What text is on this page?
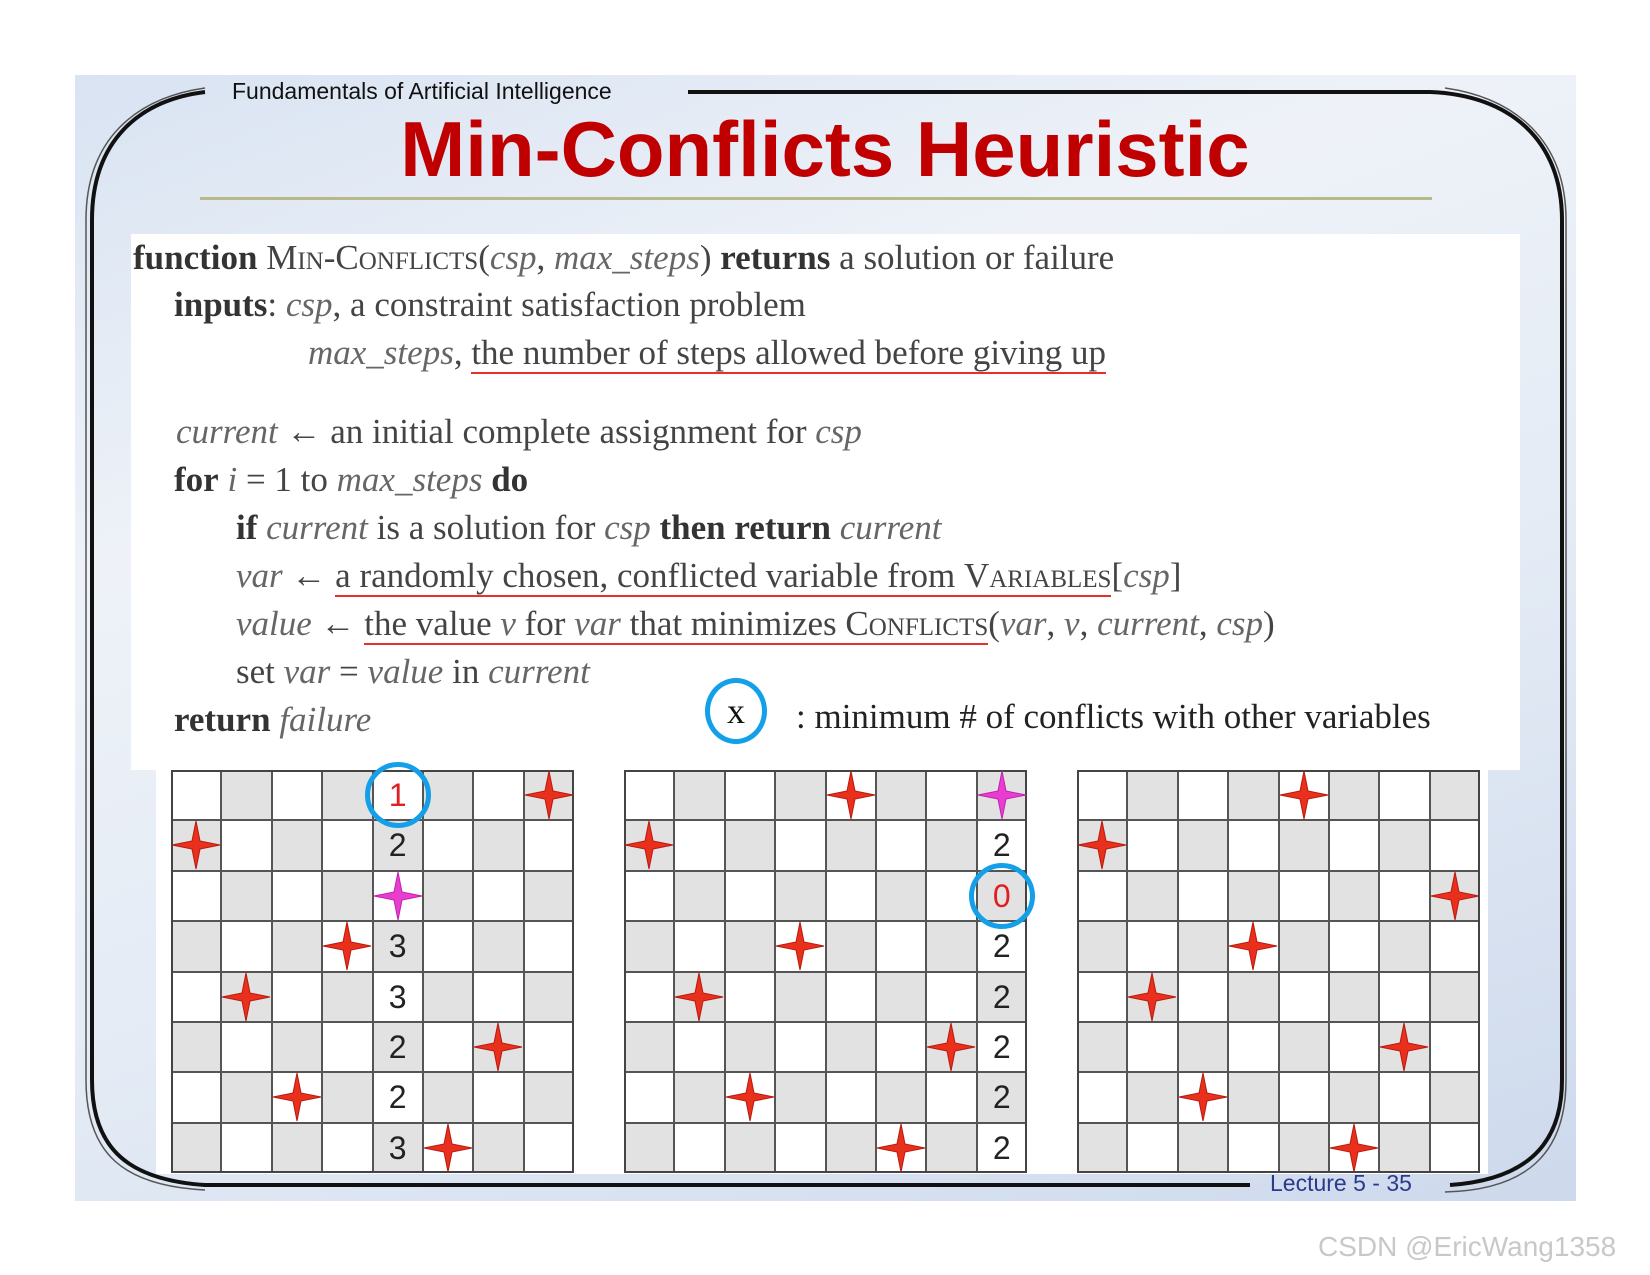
Fundamentals of Artificial Intelligence
Min-Conflicts Heuristic
function Min-Conflicts(csp, max_steps) returns a solution or failure
inputs: csp, a constraint satisfaction problem
max_steps, the number of steps allowed before giving up
current ← an initial complete assignment for csp
for i = 1 to max_steps do
if current is a solution for csp then return current
var ← a randomly chosen, conflicted variable from Variables[csp]
value ← the value v for var that minimizes Conflicts(var, v, current, csp)
set var = value in current
return failure	x	: minimum # of conflicts with other variables
1
2
3
3
2
2
3
2
0
2
2
2
2
2
Lecture 5 - 35
CSDN @EricWang1358
